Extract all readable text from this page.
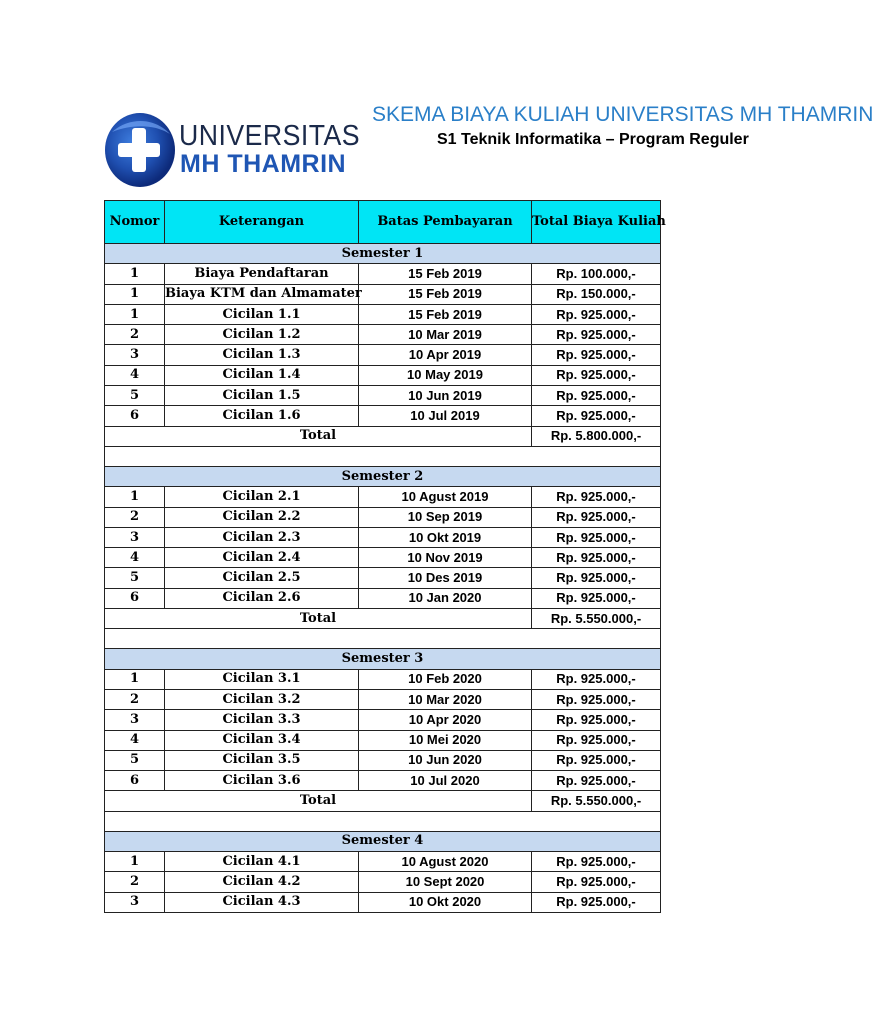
UNIVERSITAS
MH THAMRIN
SKEMA BIAYA KULIAH UNIVERSITAS MH THAMRIN
S1 Teknik Informatika – Program Reguler
Nomor	Keterangan	Batas Pembayaran	Total Biaya Kuliah
Semester 1			
1	Biaya Pendaftaran	15 Feb 2019	Rp. 100.000,-
1	Biaya KTM dan Almamater	15 Feb 2019	Rp. 150.000,-
1	Cicilan 1.1	15 Feb 2019	Rp. 925.000,-
2	Cicilan 1.2	10 Mar 2019	Rp. 925.000,-
3	Cicilan 1.3	10 Apr 2019	Rp. 925.000,-
4	Cicilan 1.4	10 May 2019	Rp. 925.000,-
5	Cicilan 1.5	10 Jun 2019	Rp. 925.000,-
6	Cicilan 1.6	10 Jul 2019	Rp. 925.000,-
Total			Rp. 5.800.000,-

Semester 2			
1	Cicilan 2.1	10 Agust 2019	Rp. 925.000,-
2	Cicilan 2.2	10 Sep 2019	Rp. 925.000,-
3	Cicilan 2.3	10 Okt 2019	Rp. 925.000,-
4	Cicilan 2.4	10 Nov 2019	Rp. 925.000,-
5	Cicilan 2.5	10 Des 2019	Rp. 925.000,-
6	Cicilan 2.6	10 Jan 2020	Rp. 925.000,-
Total			Rp. 5.550.000,-

Semester 3			
1	Cicilan 3.1	10 Feb 2020	Rp. 925.000,-
2	Cicilan 3.2	10 Mar 2020	Rp. 925.000,-
3	Cicilan 3.3	10 Apr 2020	Rp. 925.000,-
4	Cicilan 3.4	10 Mei 2020	Rp. 925.000,-
5	Cicilan 3.5	10 Jun 2020	Rp. 925.000,-
6	Cicilan 3.6	10 Jul 2020	Rp. 925.000,-
Total			Rp. 5.550.000,-

Semester 4			
1	Cicilan 4.1	10 Agust 2020	Rp. 925.000,-
2	Cicilan 4.2	10 Sept 2020	Rp. 925.000,-
3	Cicilan 4.3	10 Okt 2020	Rp. 925.000,-
